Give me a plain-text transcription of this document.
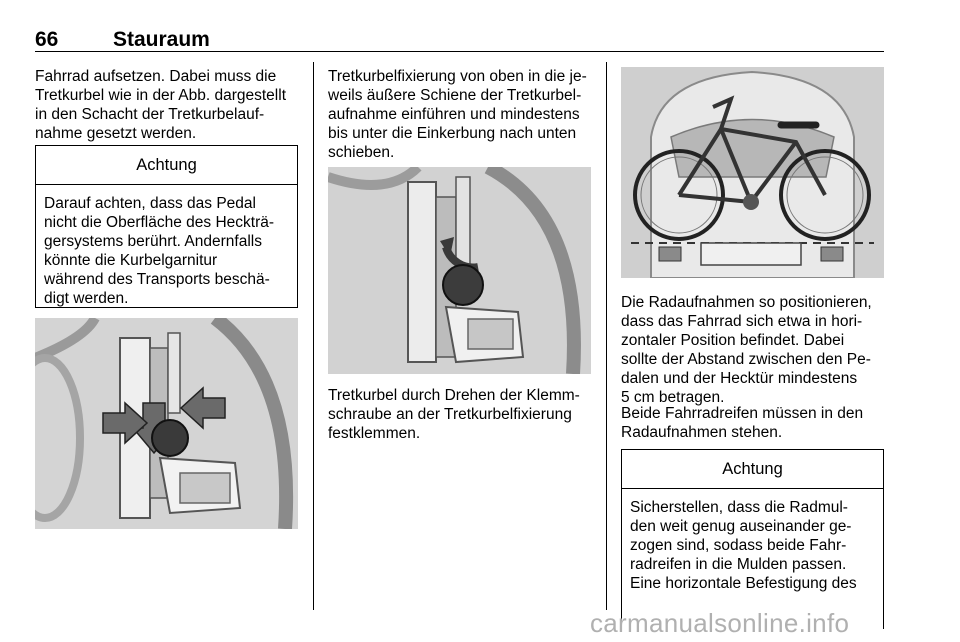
66	Stauraum

Fahrrad aufsetzen. Dabei muss die
Tretkurbel wie in der Abb. dargestellt
in den Schacht der Tretkurbelauf-
nahme gesetzt werden.

Achtung
Darauf achten, dass das Pedal
nicht die Oberfläche des Heckträ-
gersystems berührt. Andernfalls
könnte die Kurbelgarnitur
während des Transports beschä-
digt werden.

Tretkurbelfixierung von oben in die je-
weils äußere Schiene der Tretkurbel-
aufnahme einführen und mindestens
bis unter die Einkerbung nach unten
schieben.

Tretkurbel durch Drehen der Klemm-
schraube an der Tretkurbelfixierung
festklemmen.

Die Radaufnahmen so positionieren,
dass das Fahrrad sich etwa in hori-
zontaler Position befindet. Dabei
sollte der Abstand zwischen den Pe-
dalen und der Hecktür mindestens
5 cm betragen.

Beide Fahrradreifen müssen in den
Radaufnahmen stehen.

Achtung
Sicherstellen, dass die Radmul-
den weit genug auseinander ge-
zogen sind, sodass beide Fahr-
radreifen in die Mulden passen.
Eine horizontale Befestigung des
carmanualsonline.info
